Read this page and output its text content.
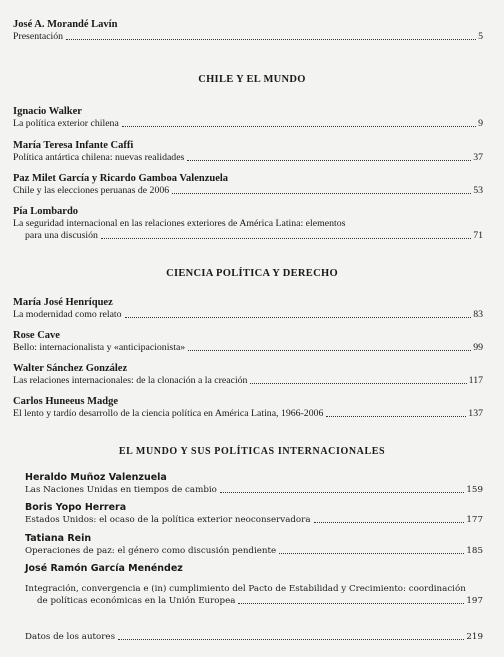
José A. Morandé Lavín
Presentación	5
CHILE Y EL MUNDO
Ignacio Walker
La política exterior chilena	9
María Teresa Infante Caffi
Política antártica chilena: nuevas realidades	37
Paz Milet García y Ricardo Gamboa Valenzuela
Chile y las elecciones peruanas de 2006	53
Pía Lombardo
La seguridad internacional en las relaciones exteriores de América Latina: elementos
para una discusión	71
CIENCIA POLÍTICA Y DERECHO
María José Henríquez
La modernidad como relato	83
Rose Cave
Bello: internacionalista y «anticipacionista»	99
Walter Sánchez González
Las relaciones internacionales: de la clonación a la creación	117
Carlos Huneeus Madge
El lento y tardío desarrollo de la ciencia política en América Latina, 1966-2006	137
EL MUNDO Y SUS POLÍTICAS INTERNACIONALES
Heraldo Muñoz Valenzuela
Las Naciones Unidas en tiempos de cambio	159
Boris Yopo Herrera
Estados Unidos: el ocaso de la política exterior neoconservadora	177
Tatiana Rein
Operaciones de paz: el género como discusión pendiente	185
José Ramón García Menéndez
Integración, convergencia e (in) cumplimiento del Pacto de Estabilidad y Crecimiento: coordinación
de políticas económicas en la Unión Europea	197
Datos de los autores	219
